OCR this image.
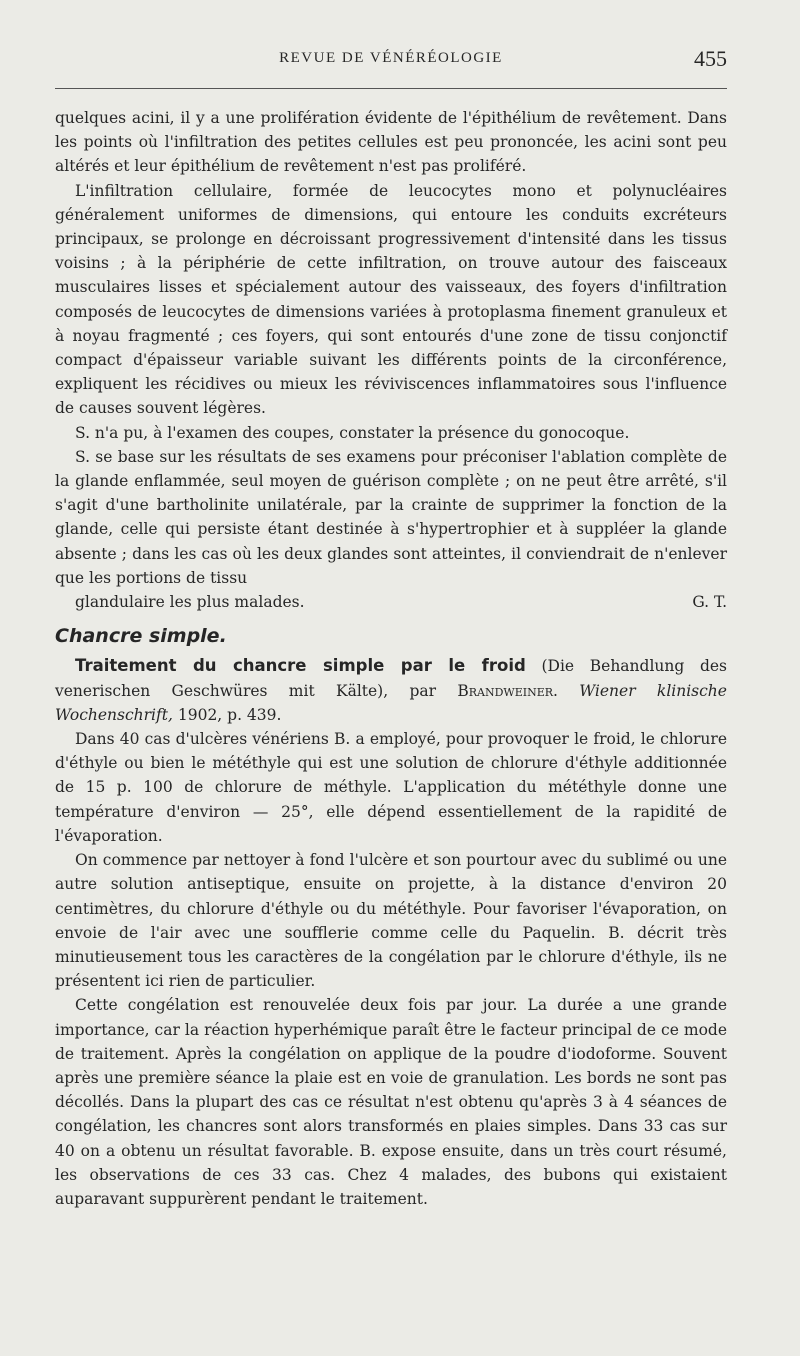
REVUE DE VÉNÉRÉOLOGIE	455

quelques acini, il y a une prolifération évidente de l'épithélium de revêtement. Dans les points où l'infiltration des petites cellules est peu prononcée, les acini sont peu altérés et leur épithélium de revêtement n'est pas proliféré.

L'infiltration cellulaire, formée de leucocytes mono et polynucléaires généralement uniformes de dimensions, qui entoure les conduits excréteurs principaux, se prolonge en décroissant progressivement d'intensité dans les tissus voisins ; à la périphérie de cette infiltration, on trouve autour des faisceaux musculaires lisses et spécialement autour des vaisseaux, des foyers d'infiltration composés de leucocytes de dimensions variées à protoplasma finement granuleux et à noyau fragmenté ; ces foyers, qui sont entourés d'une zone de tissu conjonctif compact d'épaisseur variable suivant les différents points de la circonférence, expliquent les récidives ou mieux les réviviscences inflammatoires sous l'influence de causes souvent légères.

S. n'a pu, à l'examen des coupes, constater la présence du gonocoque.

S. se base sur les résultats de ses examens pour préconiser l'ablation complète de la glande enflammée, seul moyen de guérison complète ; on ne peut être arrêté, s'il s'agit d'une bartholinite unilatérale, par la crainte de supprimer la fonction de la glande, celle qui persiste étant destinée à s'hypertrophier et à suppléer la glande absente ; dans les cas où les deux glandes sont atteintes, il conviendrait de n'enlever que les portions de tissu

glandulaire les plus malades.	G. T.
Chancre simple.

Traitement du chancre simple par le froid (Die Behandlung des venerischen Geschwüres mit Kälte), par Brandweiner. Wiener klinische Wochenschrift, 1902, p. 439.

Dans 40 cas d'ulcères vénériens B. a employé, pour provoquer le froid, le chlorure d'éthyle ou bien le météthyle qui est une solution de chlorure d'éthyle additionnée de 15 p. 100 de chlorure de méthyle. L'application du météthyle donne une température d'environ — 25°, elle dépend essentiellement de la rapidité de l'évaporation.

On commence par nettoyer à fond l'ulcère et son pourtour avec du sublimé ou une autre solution antiseptique, ensuite on projette, à la distance d'environ 20 centimètres, du chlorure d'éthyle ou du météthyle. Pour favoriser l'évaporation, on envoie de l'air avec une soufflerie comme celle du Paquelin. B. décrit très minutieusement tous les caractères de la congélation par le chlorure d'éthyle, ils ne présentent ici rien de particulier.

Cette congélation est renouvelée deux fois par jour. La durée a une grande importance, car la réaction hyperhémique paraît être le facteur principal de ce mode de traitement. Après la congélation on applique de la poudre d'iodoforme. Souvent après une première séance la plaie est en voie de granulation. Les bords ne sont pas décollés. Dans la plupart des cas ce résultat n'est obtenu qu'après 3 à 4 séances de congélation, les chancres sont alors transformés en plaies simples. Dans 33 cas sur 40 on a obtenu un résultat favorable. B. expose ensuite, dans un très court résumé, les observations de ces 33 cas. Chez 4 malades, des bubons qui existaient auparavant suppurèrent pendant le traitement.
